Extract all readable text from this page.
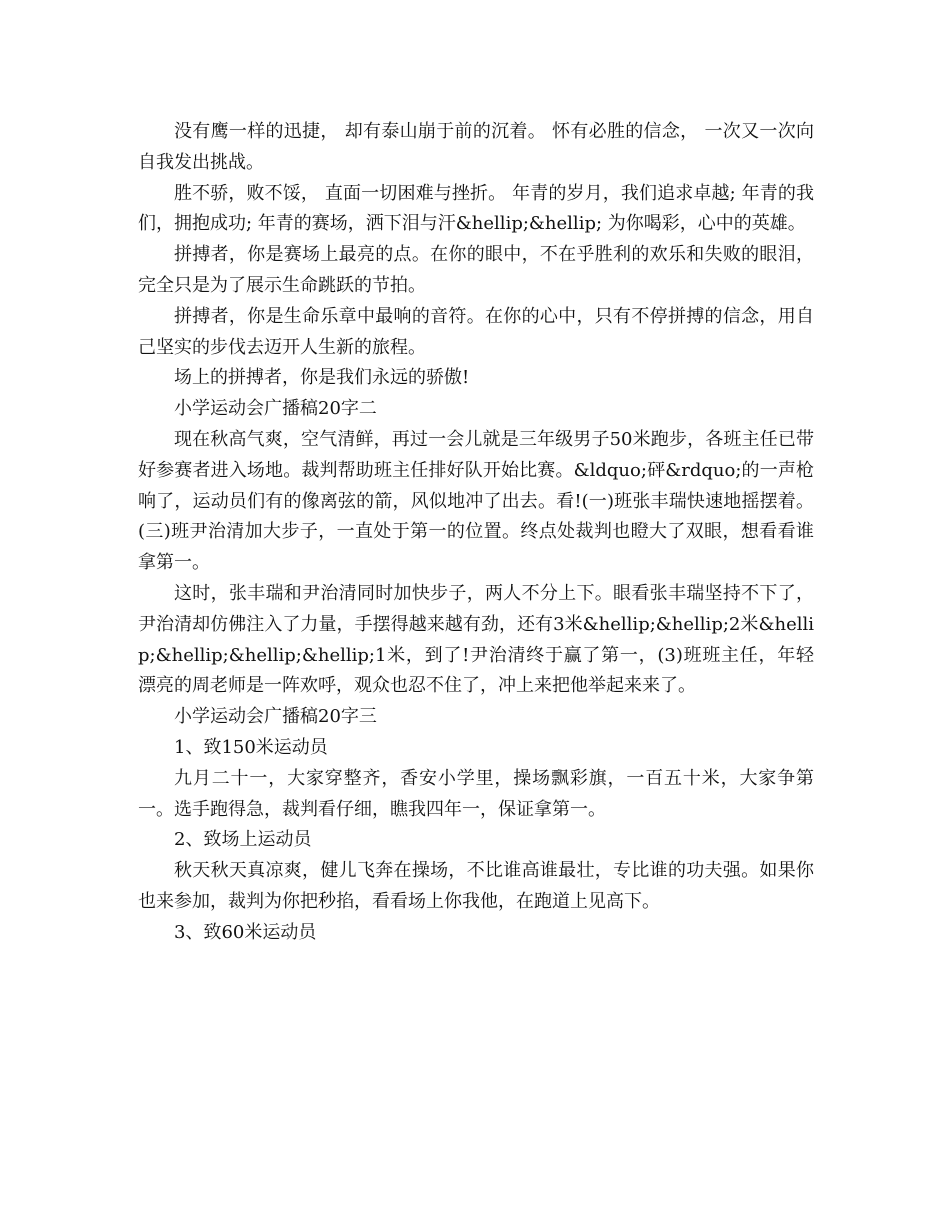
没有鹰一样的迅捷， 却有泰山崩于前的沉着。 怀有必胜的信念， 一次又一次向自我发出挑战。

胜不骄，败不馁， 直面一切困难与挫折。 年青的岁月，我们追求卓越; 年青的我们，拥抱成功; 年青的赛场，洒下泪与汗&hellip;&hellip; 为你喝彩，心中的英雄。

拼搏者，你是赛场上最亮的点。在你的眼中，不在乎胜利的欢乐和失败的眼泪，完全只是为了展示生命跳跃的节拍。

拼搏者，你是生命乐章中最响的音符。在你的心中，只有不停拼搏的信念，用自己坚实的步伐去迈开人生新的旅程。

场上的拼搏者，你是我们永远的骄傲!

小学运动会广播稿20字二

现在秋高气爽，空气清鲜，再过一会儿就是三年级男子50米跑步，各班主任已带好参赛者进入场地。裁判帮助班主任排好队开始比赛。&ldquo;砰&rdquo;的一声枪响了，运动员们有的像离弦的箭，风似地冲了出去。看!(一)班张丰瑞快速地摇摆着。(三)班尹治清加大步子，一直处于第一的位置。终点处裁判也瞪大了双眼，想看看谁拿第一。

这时，张丰瑞和尹治清同时加快步子，两人不分上下。眼看张丰瑞坚持不下了，尹治清却仿佛注入了力量，手摆得越来越有劲，还有3米&hellip;&hellip;2米&hellip;&hellip;&hellip;&hellip;1米，到了!尹治清终于赢了第一，(3)班班主任，年轻漂亮的周老师是一阵欢呼，观众也忍不住了，冲上来把他举起来来了。

小学运动会广播稿20字三

1、致150米运动员

九月二十一，大家穿整齐，香安小学里，操场飘彩旗，一百五十米，大家争第一。选手跑得急，裁判看仔细，瞧我四年一，保证拿第一。

2、致场上运动员

秋天秋天真凉爽，健儿飞奔在操场，不比谁高谁最壮，专比谁的功夫强。如果你也来参加，裁判为你把秒掐，看看场上你我他，在跑道上见高下。

3、致60米运动员
